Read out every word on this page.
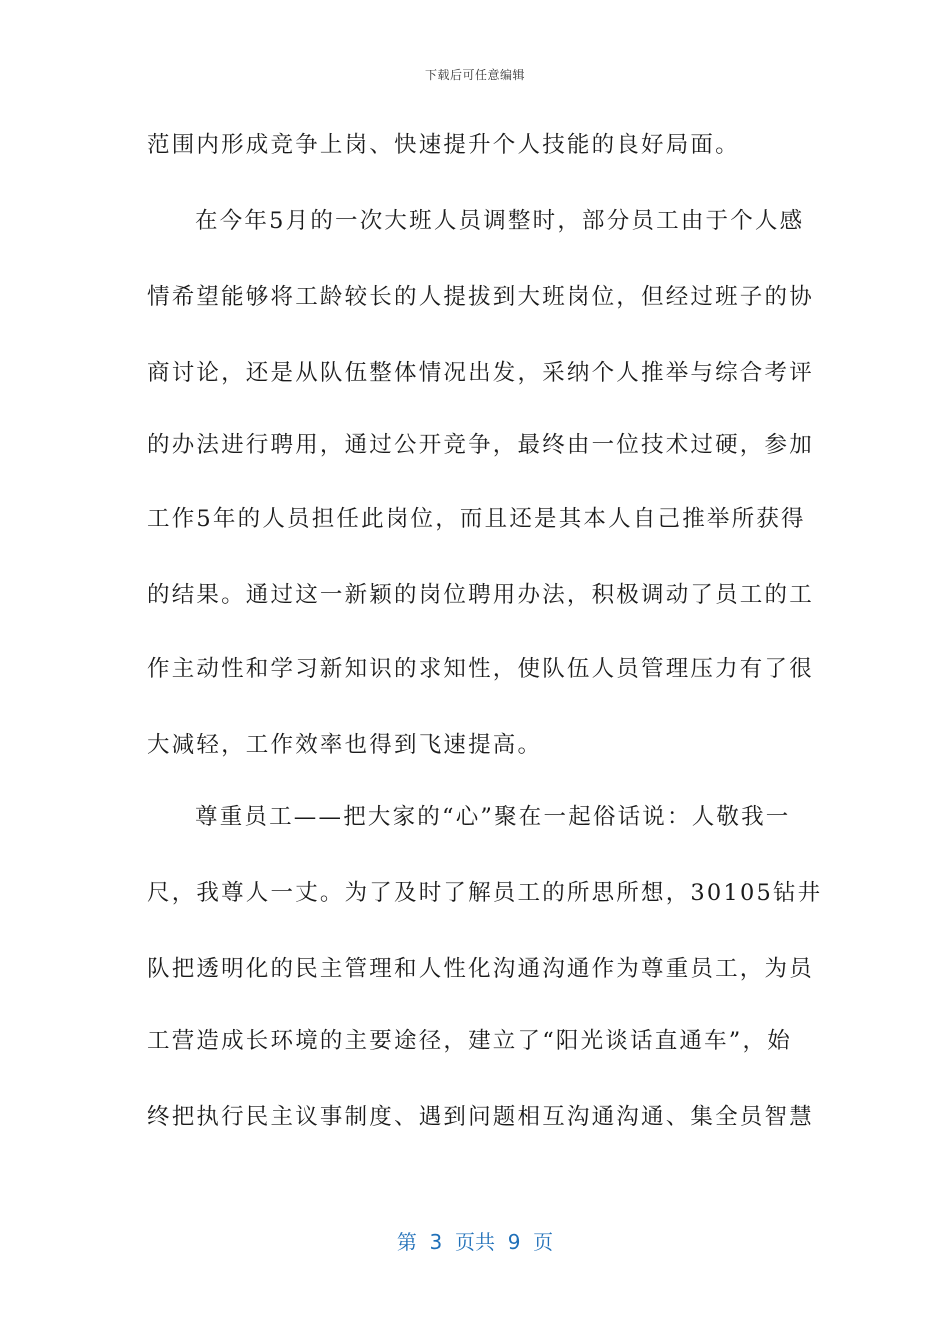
下载后可任意编辑
范围内形成竞争上岗、快速提升个人技能的良好局面。
在今年5月的一次大班人员调整时，部分员工由于个人感
情希望能够将工龄较长的人提拔到大班岗位，但经过班子的协
商讨论，还是从队伍整体情况出发，采纳个人推举与综合考评
的办法进行聘用，通过公开竞争，最终由一位技术过硬，参加
工作5年的人员担任此岗位，而且还是其本人自己推举所获得
的结果。通过这一新颖的岗位聘用办法，积极调动了员工的工
作主动性和学习新知识的求知性，使队伍人员管理压力有了很
大减轻，工作效率也得到飞速提高。
尊重员工——把大家的“心”聚在一起俗话说：人敬我一
尺，我尊人一丈。为了及时了解员工的所思所想，30105钻井
队把透明化的民主管理和人性化沟通沟通作为尊重员工，为员
工营造成长环境的主要途径，建立了“阳光谈话直通车”，始
终把执行民主议事制度、遇到问题相互沟通沟通、集全员智慧
第  3  页共  9  页
